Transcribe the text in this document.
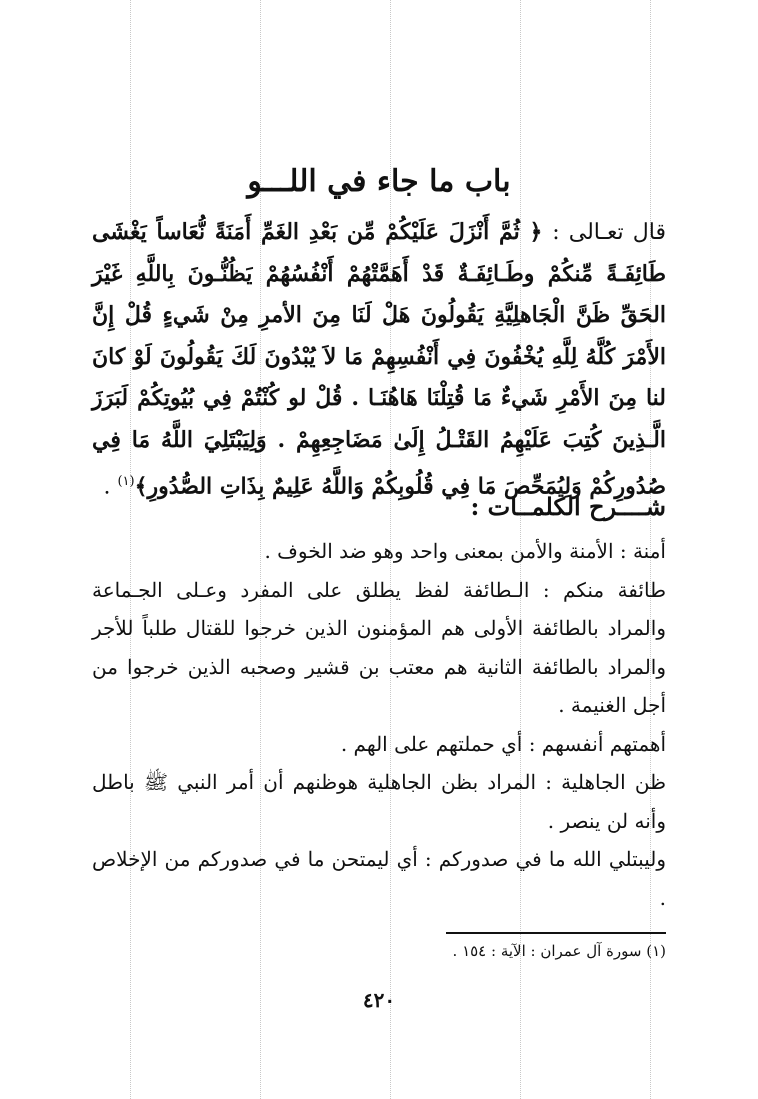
باب ما جاء في اللـــو
قال تعـالى : ﴿ ثُمَّ أَنْزَلَ عَلَيْكُمْ مِّن بَعْدِ الغَمِّ أَمَنَةً نُّعَاساً يَغْشَى طَائِفَـةً مِّنكُمْ وطَـائِفَـةٌ قَدْ أَهَمَّتْهُمْ أَنْفُسُهُمْ يَظُنُّـونَ بِاللَّهِ غَيْرَ الحَقِّ ظَنَّ الْجَاهلِيَّةِ يَقُولُونَ هَلْ لَنَا مِنَ الأمرِ مِنْ شَيءٍ قُلْ إِنَّ الأَمْرَ كُلَّهُ لِلَّهِ يُخْفُونَ فِي أَنْفُسِهِمْ مَا لاَ يُبْدُونَ لَكَ يَقُولُونَ لَوْ كانَ لنا مِنَ الأَمْرِ شَيءٌ مَا قُتِلْنَا هَاهُنَـا . قُلْ لو كُنْتُمْ فِي بُيُوتِكُمْ لَبَرَزَ الَّـذِينَ كُتِبَ عَلَيْهِمُ القَتْـلُ إِلَىٰ مَضَاجِعِهِمْ . وَلِيَبْتَلِيَ اللَّهُ مَا فِي صُدُورِكُمْ وَلِيُمَحِّصَ مَا فِي قُلُوبِكُمْ وَاللَّهُ عَلِيمٌ بِذَاتِ الصُّدُورِ﴾$^{(١)}$ .
شــــرح الكلمــات :

أمنة : الأمنة والأمن بمعنى واحد وهو ضد الخوف .

طائفة منكم : الـطائفة لفظ يطلق على المفرد وعـلى الجـماعة والمراد بالطائفة الأولى هم المؤمنون الذين خرجوا للقتال طلباً للأجر والمراد بالطائفة الثانية هم معتب بن قشير وصحبه الذين خرجوا من أجل الغنيمة .

أهمتهم أنفسهم : أي حملتهم على الهم .

ظن الجاهلية : المراد بظن الجاهلية هوظنهم أن أمر النبي ﷺ باطل وأنه لن ينصر .

وليبتلي الله ما في صدوركم : أي ليمتحن ما في صدوركم من الإخلاص .

(١) سورة آل عمران : الآية : ١٥٤ .
٤٢٠
